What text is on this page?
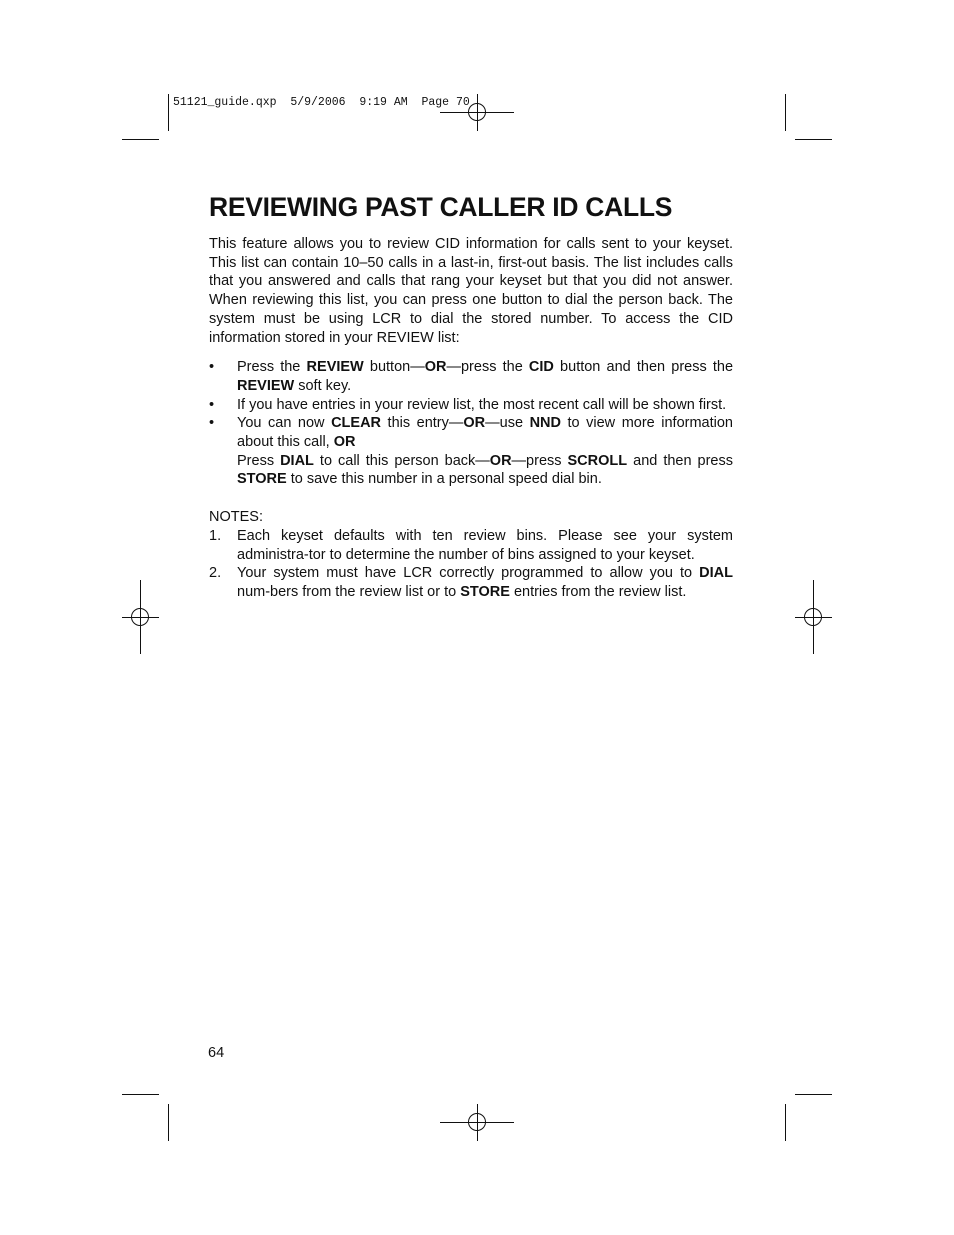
51121_guide.qxp  5/9/2006  9:19 AM  Page 70
REVIEWING PAST CALLER ID CALLS

This feature allows you to review CID information for calls sent to your keyset. This list can contain 10–50 calls in a last-in, first-out basis. The list includes calls that you answered and calls that rang your keyset but that you did not answer. When reviewing this list, you can press one button to dial the person back. The system must be using LCR to dial the stored number. To access the CID information stored in your REVIEW list:

• Press the REVIEW button—OR—press the CID button and then press the REVIEW soft key.
• If you have entries in your review list, the most recent call will be shown first.
• You can now CLEAR this entry—OR—use NND to view more information about this call, OR
Press DIAL to call this person back—OR—press SCROLL and then press STORE to save this number in a personal speed dial bin.
NOTES:
1. Each keyset defaults with ten review bins. Please see your system administra-tor to determine the number of bins assigned to your keyset.
2. Your system must have LCR correctly programmed to allow you to DIAL num-bers from the review list or to STORE entries from the review list.
64
